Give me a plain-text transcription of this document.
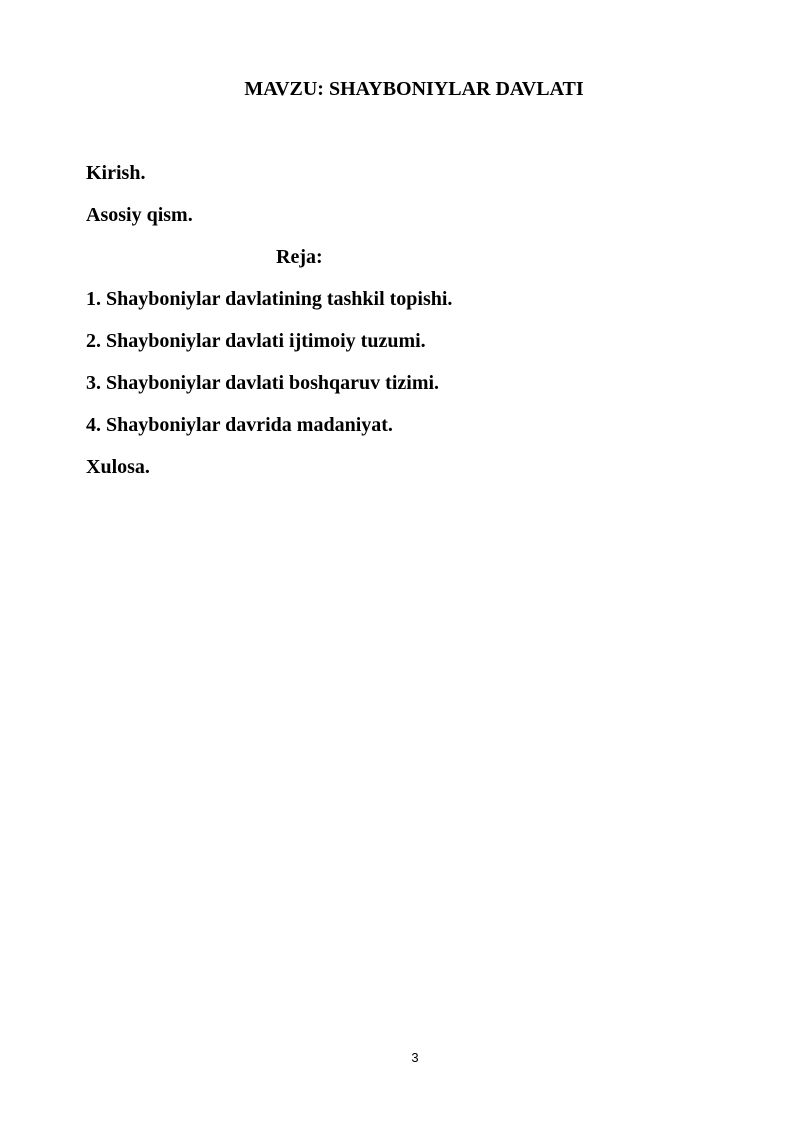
MAVZU: SHAYBONIYLAR DAVLATI
Kirish.
Asosiy qism.
Reja:
1. Shayboniylar davlatining tashkil topishi.
2. Shayboniylar davlati ijtimoiy tuzumi.
3. Shayboniylar davlati boshqaruv tizimi.
4. Shayboniylar davrida madaniyat.
Xulosa.
3
